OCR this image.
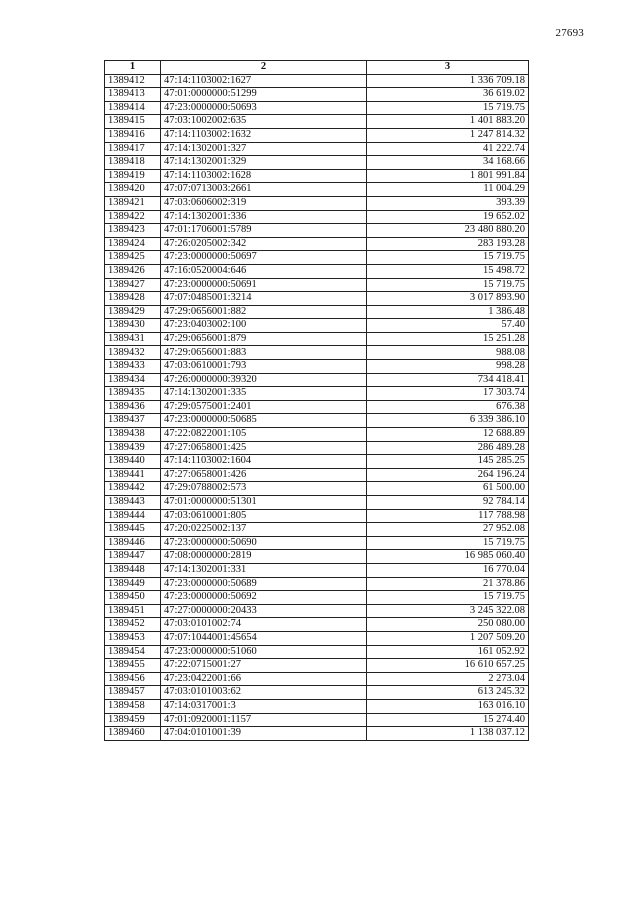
27693
1	2	3
1389412	47:14:1103002:1627	1 336 709.18
1389413	47:01:0000000:51299	36 619.02
1389414	47:23:0000000:50693	15 719.75
1389415	47:03:1002002:635	1 401 883.20
1389416	47:14:1103002:1632	1 247 814.32
1389417	47:14:1302001:327	41 222.74
1389418	47:14:1302001:329	34 168.66
1389419	47:14:1103002:1628	1 801 991.84
1389420	47:07:0713003:2661	11 004.29
1389421	47:03:0606002:319	393.39
1389422	47:14:1302001:336	19 652.02
1389423	47:01:1706001:5789	23 480 880.20
1389424	47:26:0205002:342	283 193.28
1389425	47:23:0000000:50697	15 719.75
1389426	47:16:0520004:646	15 498.72
1389427	47:23:0000000:50691	15 719.75
1389428	47:07:0485001:3214	3 017 893.90
1389429	47:29:0656001:882	1 386.48
1389430	47:23:0403002:100	57.40
1389431	47:29:0656001:879	15 251.28
1389432	47:29:0656001:883	988.08
1389433	47:03:0610001:793	998.28
1389434	47:26:0000000:39320	734 418.41
1389435	47:14:1302001:335	17 303.74
1389436	47:29:0575001:2401	676.38
1389437	47:23:0000000:50685	6 339 386.10
1389438	47:22:0822001:105	12 688.89
1389439	47:27:0658001:425	286 489.28
1389440	47:14:1103002:1604	145 285.25
1389441	47:27:0658001:426	264 196.24
1389442	47:29:0788002:573	61 500.00
1389443	47:01:0000000:51301	92 784.14
1389444	47:03:0610001:805	117 788.98
1389445	47:20:0225002:137	27 952.08
1389446	47:23:0000000:50690	15 719.75
1389447	47:08:0000000:2819	16 985 060.40
1389448	47:14:1302001:331	16 770.04
1389449	47:23:0000000:50689	21 378.86
1389450	47:23:0000000:50692	15 719.75
1389451	47:27:0000000:20433	3 245 322.08
1389452	47:03:0101002:74	250 080.00
1389453	47:07:1044001:45654	1 207 509.20
1389454	47:23:0000000:51060	161 052.92
1389455	47:22:0715001:27	16 610 657.25
1389456	47:23:0422001:66	2 273.04
1389457	47:03:0101003:62	613 245.32
1389458	47:14:0317001:3	163 016.10
1389459	47:01:0920001:1157	15 274.40
1389460	47:04:0101001:39	1 138 037.12
